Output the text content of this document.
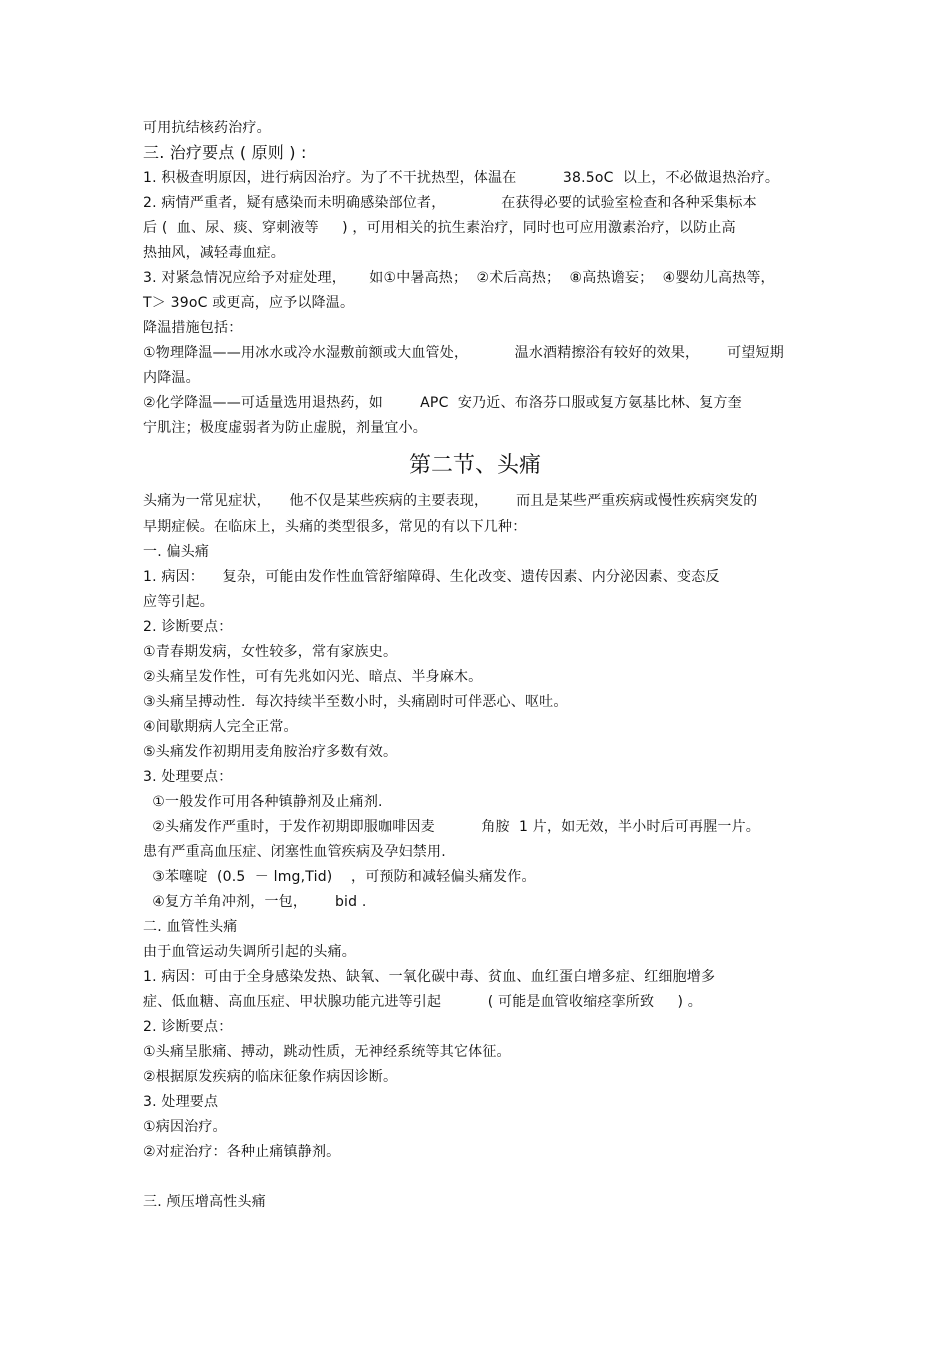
可用抗结核药治疗。
三. 治疗要点 ( 原则 ) :
1. 积极查明原因，进行病因治疗。为了不干扰热型，体温在          38.5oC  以上，不必做退热治疗。
2. 病情严重者，疑有感染而未明确感染部位者，            在获得必要的试验室检查和各种采集标本
后 (  血、尿、痰、穿刺液等     ) ，可用相关的抗生素治疗，同时也可应用激素治疗，以防止高
热抽风，减轻毒血症。
3. 对紧急情况应给予对症处理，     如①中暑高热；  ②术后高热；  ⑧高热谵妄；  ④婴幼儿高热等，
T＞ 39oC 或更高，应予以降温。
降温措施包括：
①物理降温——用冰水或冷水湿敷前额或大血管处，          温水酒精擦浴有较好的效果，      可望短期
内降温。
②化学降温——可适量选用退热药，如        APC  安乃近、布洛芬口服或复方氨基比林、复方奎
宁肌注；极度虚弱者为防止虚脱，剂量宜小。
第二节、头痛
头痛为一常见症状，    他不仅是某些疾病的主要表现，      而且是某些严重疾病或慢性疾病突发的
早期症候。在临床上，头痛的类型很多，常见的有以下几种：
一. 偏头痛
1. 病因：    复杂，可能由发作性血管舒缩障碍、生化改变、遗传因素、内分泌因素、变态反
应等引起。
2. 诊断要点：
①青春期发病，女性较多，常有家族史。
②头痛呈发作性，可有先兆如闪光、暗点、半身麻木。
③头痛呈搏动性．每次持续半至数小时，头痛剧时可伴恶心、呕吐。
④间歇期病人完全正常。
⑤头痛发作初期用麦角胺治疗多数有效。
3. 处理要点：
①一般发作可用各种镇静剂及止痛剂.
②头痛发作严重时，于发作初期即服咖啡因麦          角胺  1 片，如无效，半小时后可再腥一片。
患有严重高血压症、闭塞性血管疾病及孕妇禁用.
③苯噻啶  (0.5  － lmg,Tid)    ，可预防和减轻偏头痛发作。
④复方羊角冲剂，一包，      bid .
二. 血管性头痛
由于血管运动失调所引起的头痛。
1. 病因：可由于全身感染发热、缺氧、一氧化碳中毒、贫血、血红蛋白增多症、红细胞增多
症、低血糖、高血压症、甲状腺功能亢进等引起          ( 可能是血管收缩痉挛所致     ) 。
2. 诊断要点：
①头痛呈胀痛、搏动，跳动性质，无神经系统等其它体征。
②根据原发疾病的临床征象作病因诊断。
3. 处理要点
①病因治疗。
②对症治疗：各种止痛镇静剂。
三. 颅压增高性头痛
